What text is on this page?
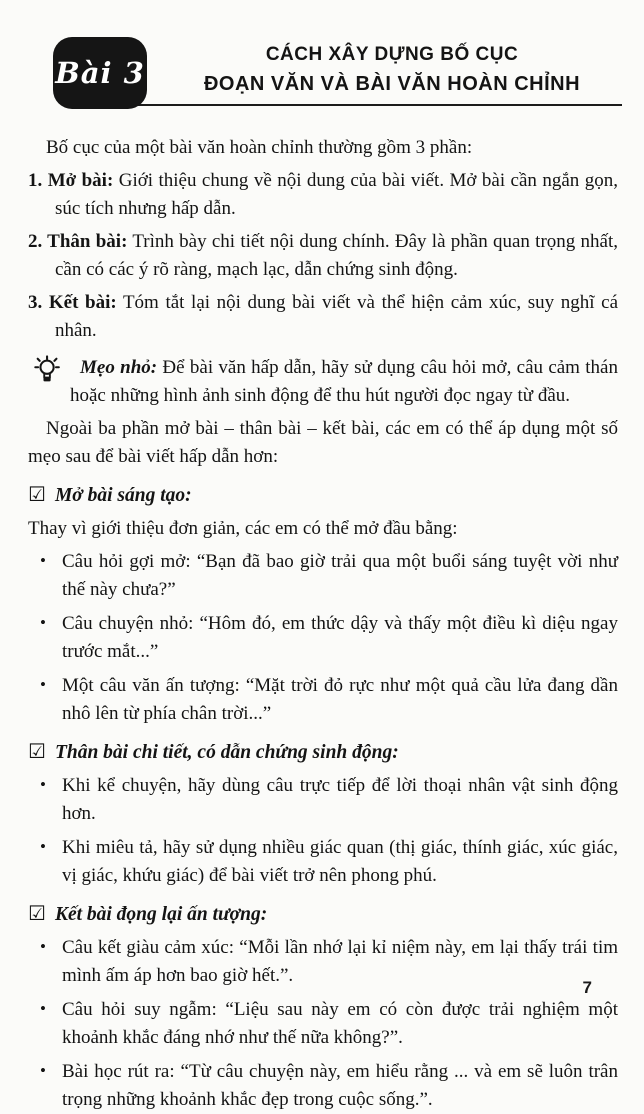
Bài 3
CÁCH XÂY DỰNG BỐ CỤC
ĐOẠN VĂN VÀ BÀI VĂN HOÀN CHỈNH

Bố cục của một bài văn hoàn chỉnh thường gồm 3 phần:

1. Mở bài: Giới thiệu chung về nội dung của bài viết. Mở bài cần ngắn gọn, súc tích nhưng hấp dẫn.

2. Thân bài: Trình bày chi tiết nội dung chính. Đây là phần quan trọng nhất, cần có các ý rõ ràng, mạch lạc, dẫn chứng sinh động.

3. Kết bài: Tóm tắt lại nội dung bài viết và thể hiện cảm xúc, suy nghĩ cá nhân.

Mẹo nhỏ: Để bài văn hấp dẫn, hãy sử dụng câu hỏi mở, câu cảm thán hoặc những hình ảnh sinh động để thu hút người đọc ngay từ đầu.

Ngoài ba phần mở bài – thân bài – kết bài, các em có thể áp dụng một số mẹo sau để bài viết hấp dẫn hơn:

☑ Mở bài sáng tạo:

Thay vì giới thiệu đơn giản, các em có thể mở đầu bằng:

• Câu hỏi gợi mở: “Bạn đã bao giờ trải qua một buổi sáng tuyệt vời như thế này chưa?”

• Câu chuyện nhỏ: “Hôm đó, em thức dậy và thấy một điều kì diệu ngay trước mắt...”

• Một câu văn ấn tượng: “Mặt trời đỏ rực như một quả cầu lửa đang dần nhô lên từ phía chân trời...”

☑ Thân bài chi tiết, có dẫn chứng sinh động:

• Khi kể chuyện, hãy dùng câu trực tiếp để lời thoại nhân vật sinh động hơn.

• Khi miêu tả, hãy sử dụng nhiều giác quan (thị giác, thính giác, xúc giác, vị giác, khứu giác) để bài viết trở nên phong phú.

☑ Kết bài đọng lại ấn tượng:

• Câu kết giàu cảm xúc: “Mỗi lần nhớ lại kỉ niệm này, em lại thấy trái tim mình ấm áp hơn bao giờ hết.”.

• Câu hỏi suy ngẫm: “Liệu sau này em có còn được trải nghiệm một khoảnh khắc đáng nhớ như thế nữa không?”.

• Bài học rút ra: “Từ câu chuyện này, em hiểu rằng ... và em sẽ luôn trân trọng những khoảnh khắc đẹp trong cuộc sống.”.

7
